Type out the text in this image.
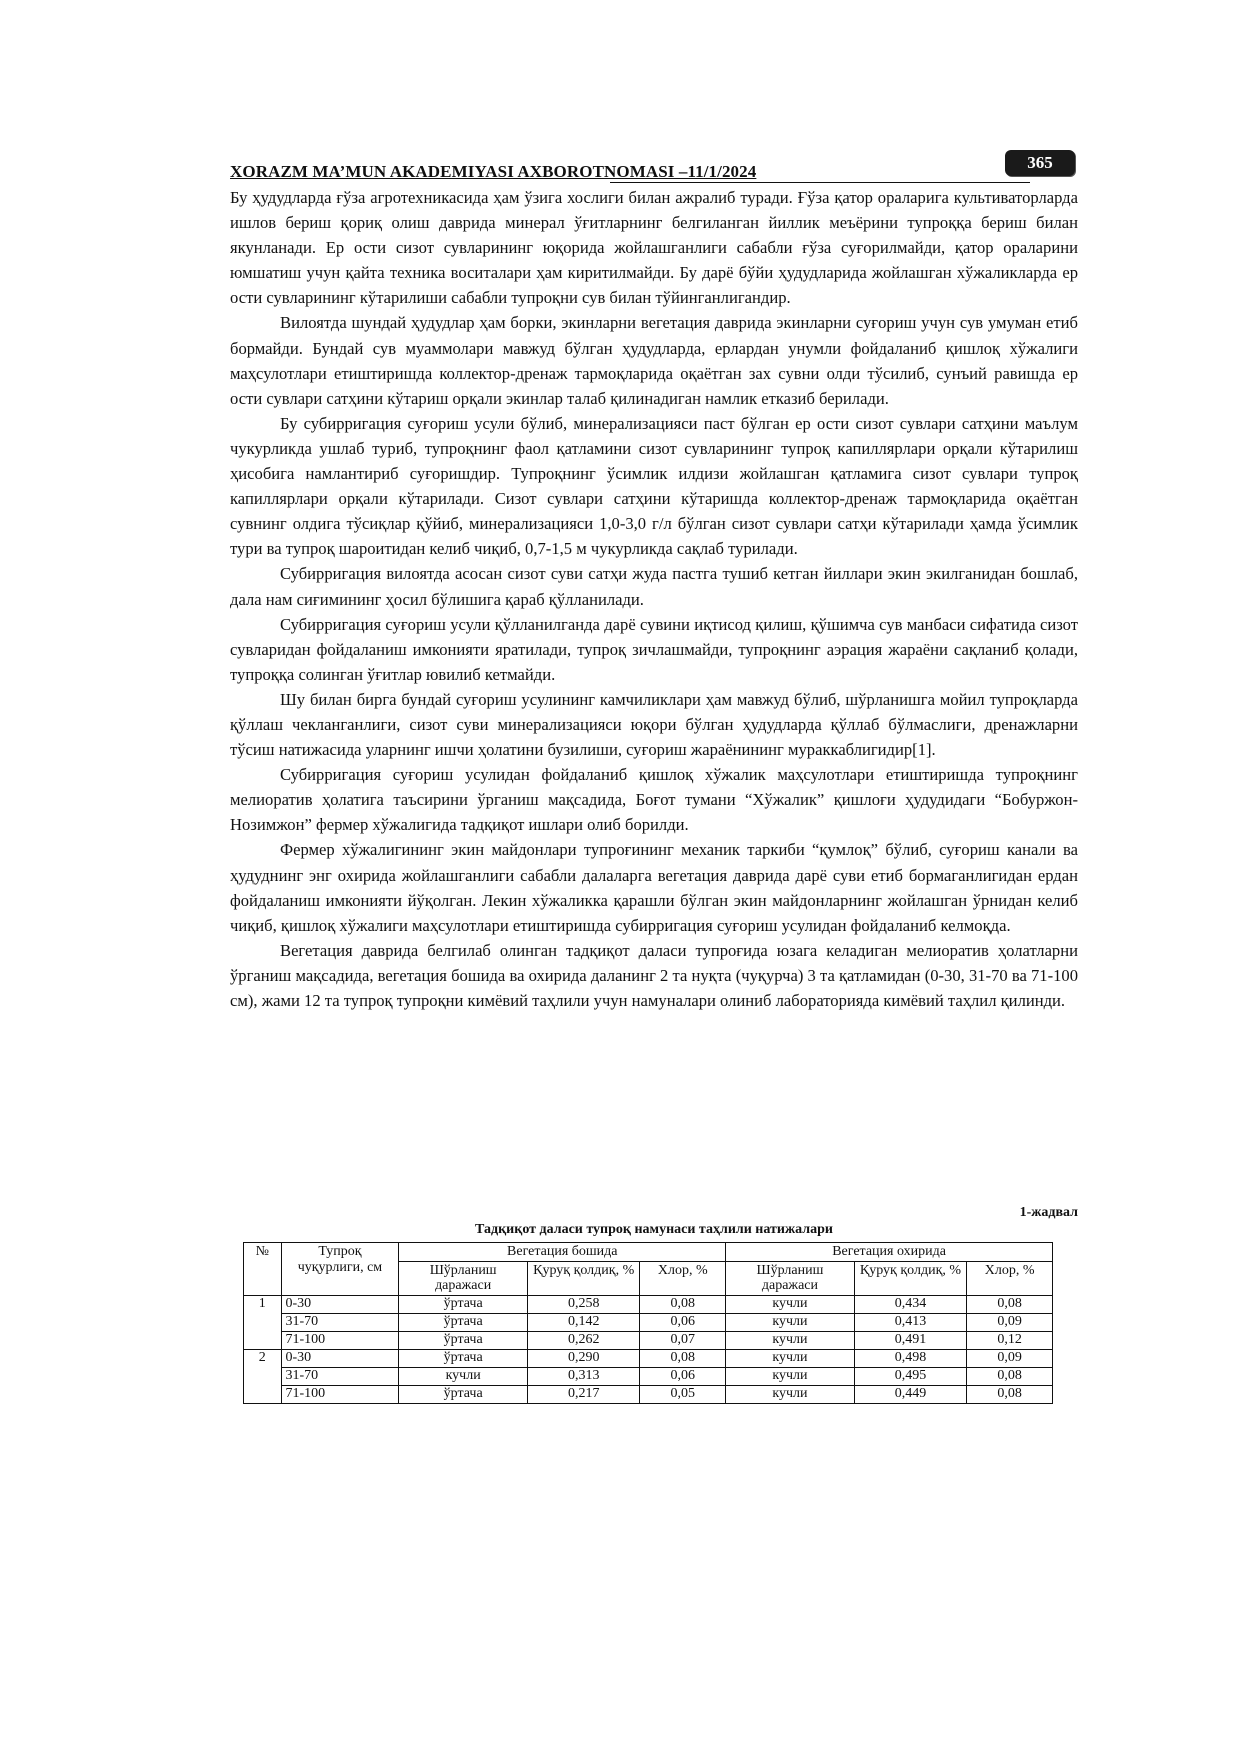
XORAZM MA’MUN AKADEMIYASI AXBOROTNOMASI –11/1/2024	365

Бу ҳудудларда ғўза агротехникасида ҳам ўзига хослиги билан ажралиб туради. Ғўза қатор ораларига культиваторларда ишлов бериш қориқ олиш даврида минерал ўғитларнинг белгиланган йиллик меъёрини тупроққа бериш билан якунланади. Ер ости сизот сувларининг юқорида жойлашганлиги сабабли ғўза суғорилмайди, қатор ораларини юмшатиш учун қайта техника воситалари ҳам киритилмайди. Бу дарё бўйи ҳудудларида жойлашган хўжаликларда ер ости сувларининг кўтарилиши сабабли тупроқни сув билан тўйинганлигандир.

Вилоятда шундай ҳудудлар ҳам борки, экинларни вегетация даврида экинларни суғориш учун сув умуман етиб бормайди. Бундай сув муаммолари мавжуд бўлган ҳудудларда, ерлардан унумли фойдаланиб қишлоқ хўжалиги маҳсулотлари етиштиришда коллектор-дренаж тармоқларида оқаётган зах сувни олди тўсилиб, сунъий равишда ер ости сувлари сатҳини кўтариш орқали экинлар талаб қилинадиган намлик етказиб берилади.

Бу субирригация суғориш усули бўлиб, минерализацияси паст бўлган ер ости сизот сувлари сатҳини маълум чукурликда ушлаб туриб, тупроқнинг фаол қатламини сизот сувларининг тупроқ капиллярлари орқали кўтарилиш ҳисобига намлантириб суғоришдир. Тупроқнинг ўсимлик илдизи жойлашган қатламига сизот сувлари тупроқ капиллярлари орқали кўтарилади. Сизот сувлари сатҳини кўтаришда коллектор-дренаж тармоқларида оқаётган сувнинг олдига тўсиқлар қўйиб, минерализацияси 1,0-3,0 г/л бўлган сизот сувлари сатҳи кўтарилади ҳамда ўсимлик тури ва тупроқ шароитидан келиб чиқиб, 0,7-1,5 м чукурликда сақлаб турилади.

Субирригация вилоятда асосан сизот суви сатҳи жуда пастга тушиб кетган йиллари экин экилганидан бошлаб, дала нам сиғимининг ҳосил бўлишига қараб қўлланилади.

Субирригация суғориш усули қўлланилганда дарё сувини иқтисод қилиш, қўшимча сув манбаси сифатида сизот сувларидан фойдаланиш имконияти яратилади, тупроқ зичлашмайди, тупроқнинг аэрация жараёни сақланиб қолади, тупроққа солинган ўғитлар ювилиб кетмайди.

Шу билан бирга бундай суғориш усулининг камчиликлари ҳам мавжуд бўлиб, шўрланишга мойил тупроқларда қўллаш чекланганлиги, сизот суви минерализацияси юқори бўлган ҳудудларда қўллаб бўлмаслиги, дренажларни тўсиш натижасида уларнинг ишчи ҳолатини бузилиши, суғориш жараёнининг мураккаблигидир[1].

Субирригация суғориш усулидан фойдаланиб қишлоқ хўжалик маҳсулотлари етиштиришда тупроқнинг мелиоратив ҳолатига таъсирини ўрганиш мақсадида, Боғот тумани “Хўжалик” қишлоғи ҳудудидаги “Бобуржон-Нозимжон” фермер хўжалигида тадқиқот ишлари олиб борилди.

Фермер хўжалигининг экин майдонлари тупроғининг механик таркиби “қумлоқ” бўлиб, суғориш канали ва ҳудуднинг энг охирида жойлашганлиги сабабли далаларга вегетация даврида дарё суви етиб бормаганлигидан ердан фойдаланиш имконияти йўқолган. Лекин хўжаликка қарашли бўлган экин майдонларнинг жойлашган ўрнидан келиб чиқиб, қишлоқ хўжалиги маҳсулотлари етиштиришда субирригация суғориш усулидан фойдаланиб келмоқда.

Вегетация даврида белгилаб олинган тадқиқот даласи тупроғида юзага келадиган мелиоратив ҳолатларни ўрганиш мақсадида, вегетация бошида ва охирида даланинг 2 та нуқта (чуқурча) 3 та қатламидан (0-30, 31-70 ва 71-100 см), жами 12 та тупроқ тупроқни кимёвий таҳлили учун намуналари олиниб лабораторияда кимёвий таҳлил қилинди.

1-жадвал
Тадқиқот даласи тупроқ намунаси таҳлили натижалари
№	Тупроқ чуқурлиги, см	Вегетация бошида			Вегетация охирида		
		Шўрланиш даражаси	Қуруқ қолдиқ, %	Хлор, %	Шўрланиш даражаси	Қуруқ қолдиқ, %	Хлор, %
1	0-30	ўртача	0,258	0,08	кучли	0,434	0,08
	31-70	ўртача	0,142	0,06	кучли	0,413	0,09
	71-100	ўртача	0,262	0,07	кучли	0,491	0,12
2	0-30	ўртача	0,290	0,08	кучли	0,498	0,09
	31-70	кучли	0,313	0,06	кучли	0,495	0,08
	71-100	ўртача	0,217	0,05	кучли	0,449	0,08
